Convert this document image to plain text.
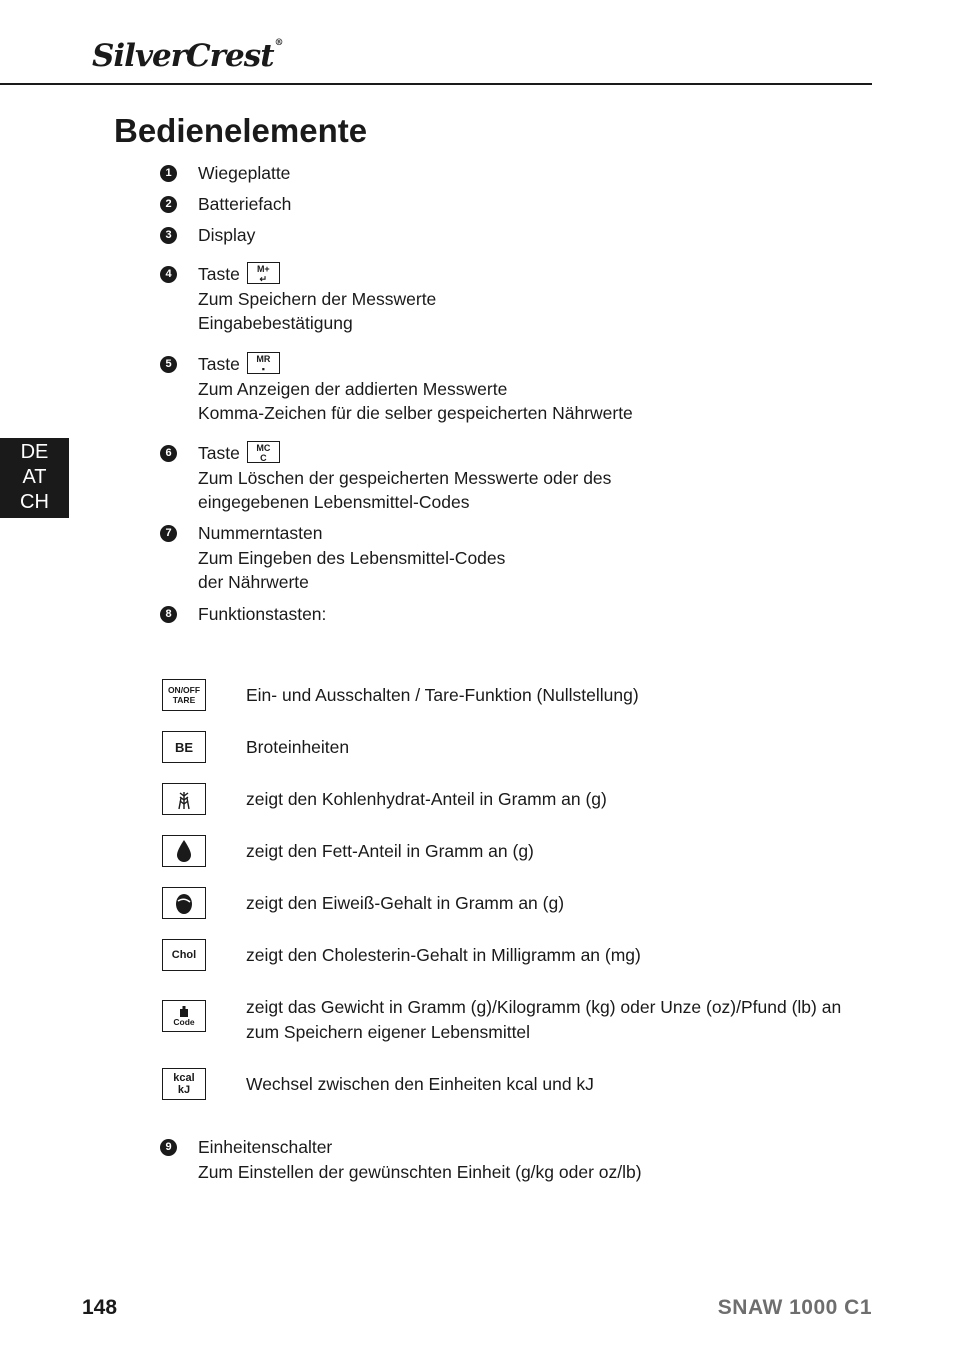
SilverCrest®
Bedienelemente
DE
AT
CH
1	Wiegeplatte
2	Batteriefach
3	Display
4	Taste	M+
↵
Zum Speichern der Messwerte
Eingabebestätigung
5	Taste	MR
▪
Zum Anzeigen der addierten Messwerte
Komma-Zeichen für die selber gespeicherten Nährwerte
6	Taste	MC
C
Zum Löschen der gespeicherten Messwerte oder des
eingegebenen Lebensmittel-Codes
7	Nummerntasten
Zum Eingeben des Lebensmittel-Codes
der Nährwerte
8	Funktionstasten:
ON/OFF
TARE	Ein- und Ausschalten / Tare-Funktion (Nullstellung)
BE	Broteinheiten
zeigt den Kohlenhydrat-Anteil in Gramm an (g)
zeigt den Fett-Anteil in Gramm an (g)
zeigt den Eiweiß-Gehalt in Gramm an (g)
Chol	zeigt den Cholesterin-Gehalt in Milligramm an (mg)
Code
zeigt das Gewicht in Gramm (g)/Kilogramm (kg) oder Unze (oz)/Pfund (lb) an
zum Speichern eigener Lebensmittel
kcal
kJ	Wechsel zwischen den Einheiten kcal und kJ
9	Einheitenschalter
Zum Einstellen der gewünschten Einheit (g/kg oder oz/lb)
148	SNAW 1000 C1
